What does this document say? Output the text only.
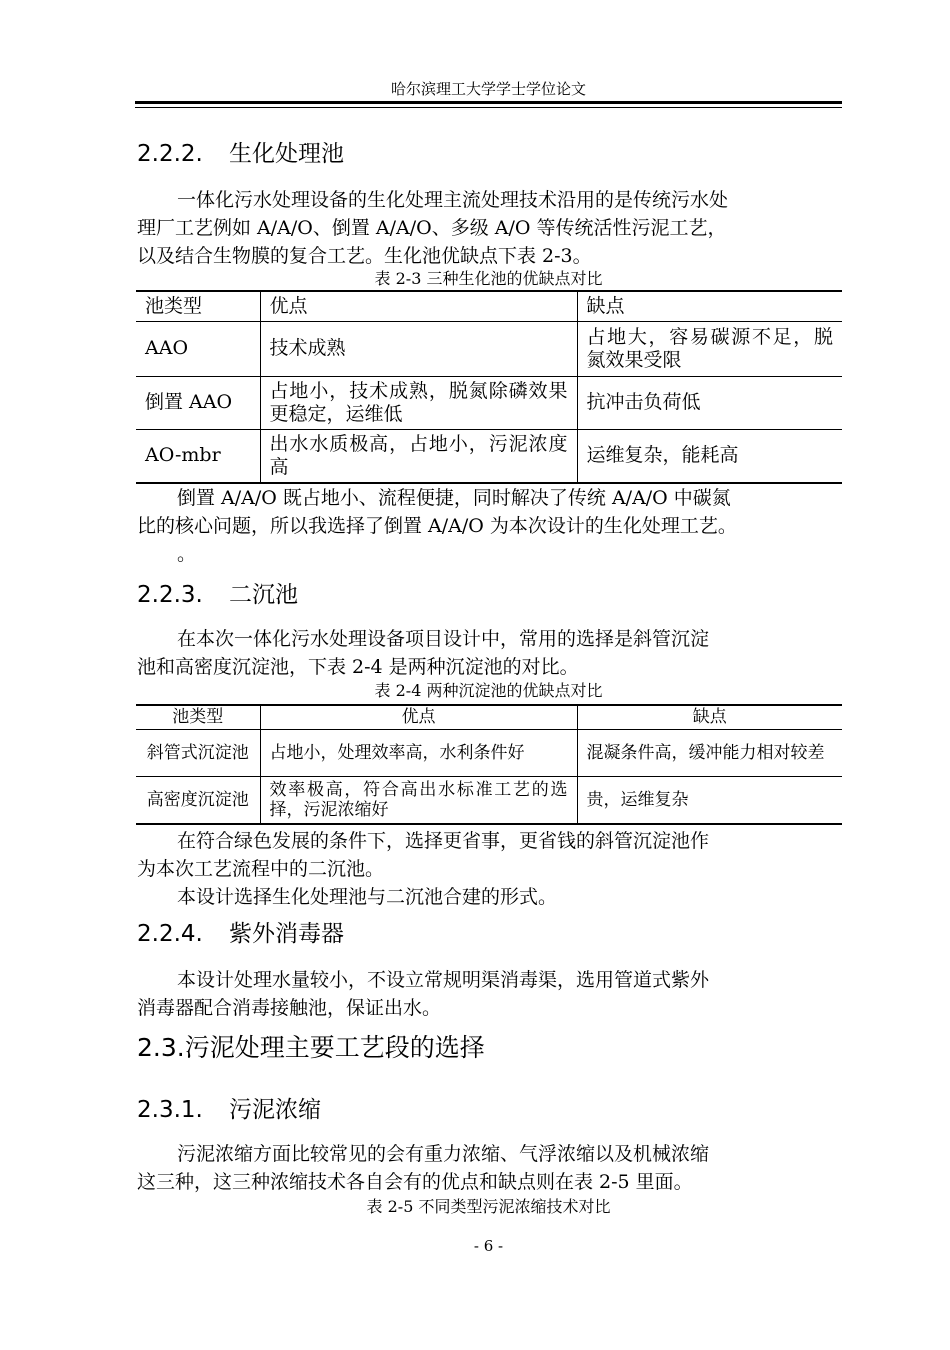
哈尔滨理工大学学士学位论文
2.2.2. 生化处理池
一体化污水处理设备的生化处理主流处理技术沿用的是传统污水处
理厂工艺例如 A/A/O、倒置 A/A/O、多级 A/O 等传统活性污泥工艺，
以及结合生物膜的复合工艺。生化池优缺点下表 2-3。
表 2-3 三种生化池的优缺点对比
池类型	优点	缺点
AAO	技术成熟	占地大，容易碳源不足，脱氮效果受限
倒置 AAO	占地小，技术成熟，脱氮除磷效果更稳定，运维低	抗冲击负荷低
AO-mbr	出水水质极高，占地小，污泥浓度高	运维复杂，能耗高
倒置 A/A/O 既占地小、流程便捷，同时解决了传统 A/A/O 中碳氮
比的核心问题，所以我选择了倒置 A/A/O 为本次设计的生化处理工艺。
。
2.2.3. 二沉池
在本次一体化污水处理设备项目设计中，常用的选择是斜管沉淀
池和高密度沉淀池，下表 2-4 是两种沉淀池的对比。
表 2-4 两种沉淀池的优缺点对比
池类型	优点	缺点
斜管式沉淀池	占地小，处理效率高，水利条件好	混凝条件高，缓冲能力相对较差
高密度沉淀池	效率极高，符合高出水标准工艺的选择，污泥浓缩好	贵，运维复杂
在符合绿色发展的条件下，选择更省事，更省钱的斜管沉淀池作
为本次工艺流程中的二沉池。
本设计选择生化处理池与二沉池合建的形式。
2.2.4. 紫外消毒器
本设计处理水量较小，不设立常规明渠消毒渠，选用管道式紫外
消毒器配合消毒接触池，保证出水。
2.3.污泥处理主要工艺段的选择
2.3.1. 污泥浓缩
污泥浓缩方面比较常见的会有重力浓缩、气浮浓缩以及机械浓缩
这三种，这三种浓缩技术各自会有的优点和缺点则在表 2-5 里面。
表 2-5 不同类型污泥浓缩技术对比
- 6 -
